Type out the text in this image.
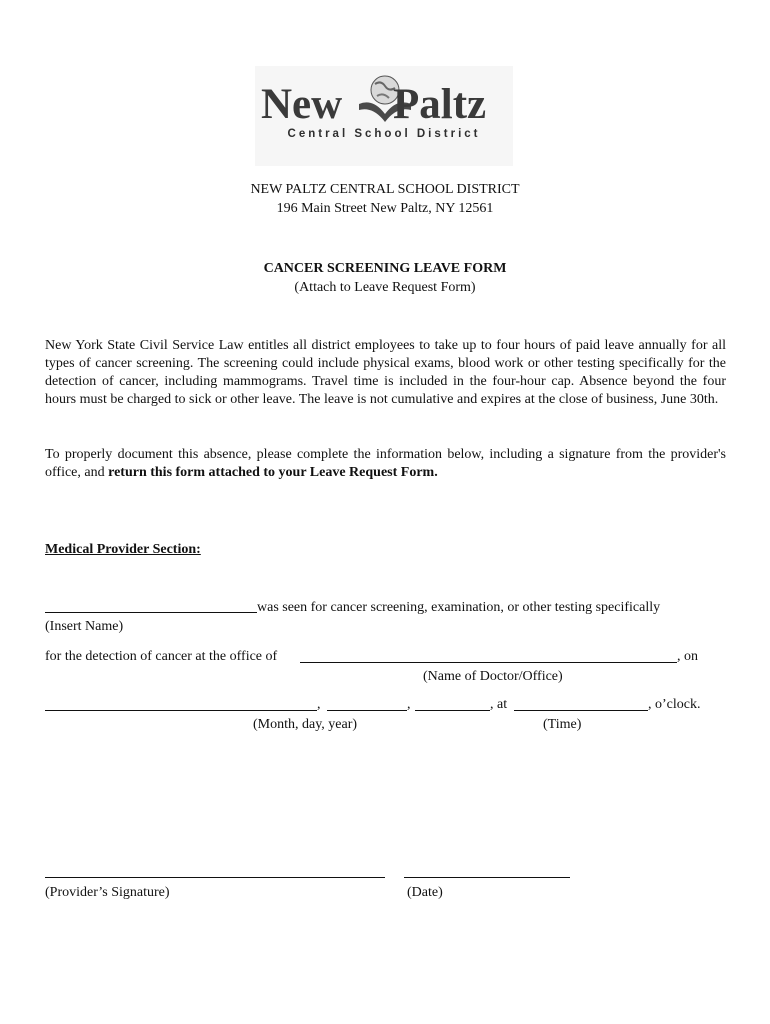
New Paltz
Central School District
NEW PALTZ CENTRAL SCHOOL DISTRICT
196 Main Street New Paltz, NY 12561
CANCER SCREENING LEAVE FORM
(Attach to Leave Request Form)

New York State Civil Service Law entitles all district employees to take up to four hours of paid leave annually for all types of cancer screening. The screening could include physical exams, blood work or other testing specifically for the detection of cancer, including mammograms. Travel time is included in the four-hour cap. Absence beyond the four hours must be charged to sick or other leave. The leave is not cumulative and expires at the close of business, June 30th.

To properly document this absence, please complete the information below, including a signature from the provider's office, and return this form attached to your Leave Request Form.

Medical Provider Section:
was seen for cancer screening, examination, or other testing specifically
(Insert Name)
for the detection of cancer at the office of	, on
(Name of Doctor/Office)
,	,	, at	, o’clock.
(Month, day, year)	(Time)
(Provider’s Signature)	(Date)
